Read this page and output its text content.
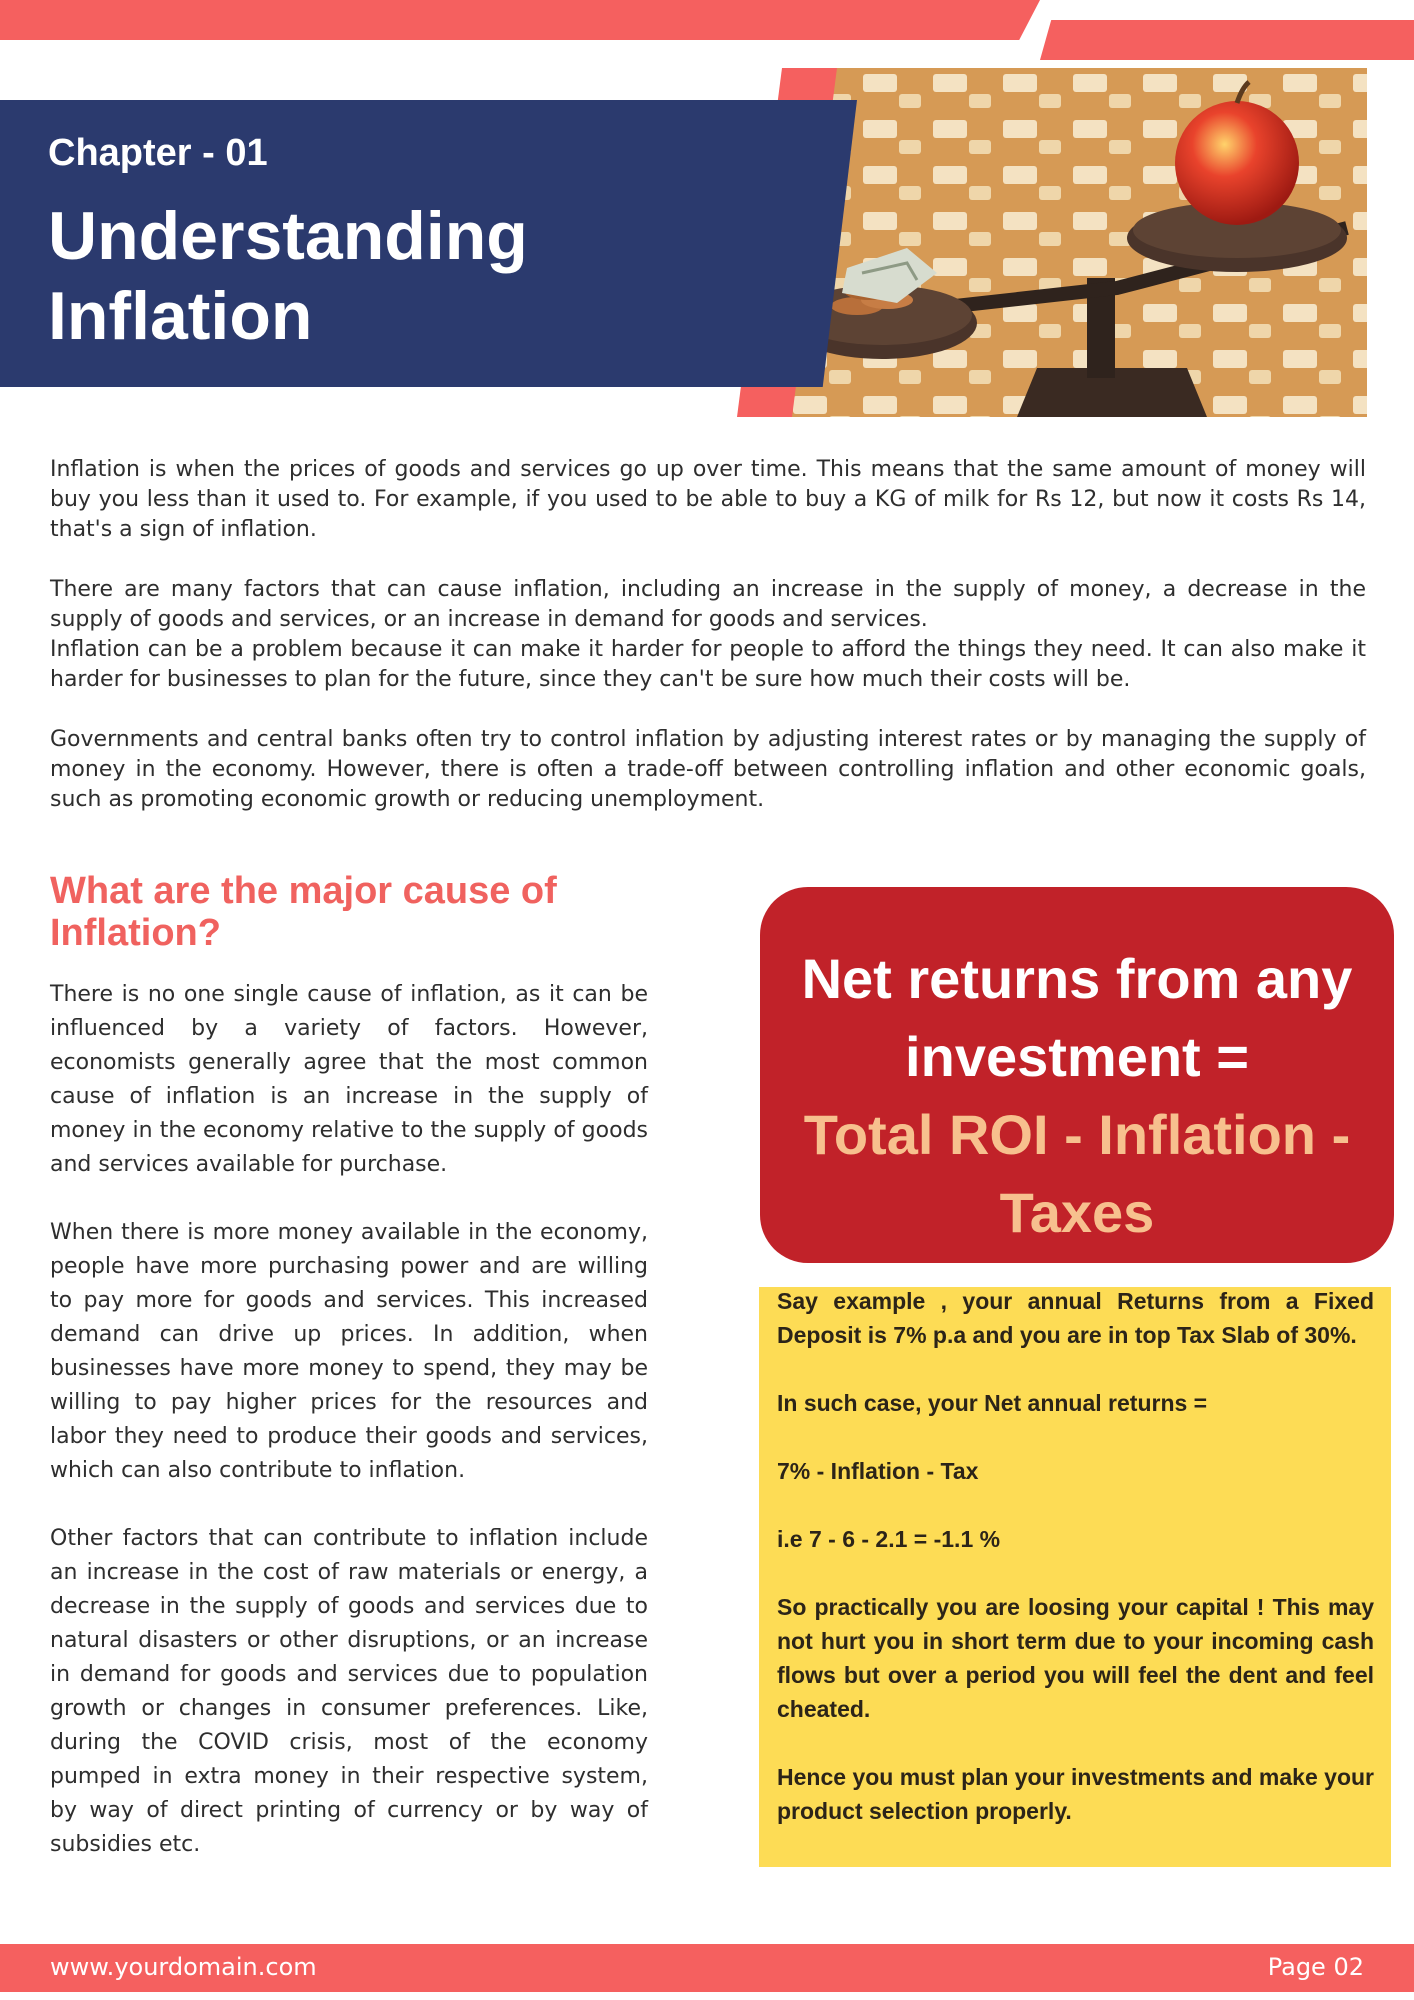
Chapter - 01
Understanding Inflation

Inflation is when the prices of goods and services go up over time. This means that the same amount of money will buy you less than it used to. For example, if you used to be able to buy a KG of milk for Rs 12, but now it costs Rs 14, that's a sign of inflation.

There are many factors that can cause inflation, including an increase in the supply of money, a decrease in the supply of goods and services, or an increase in demand for goods and services.

Inflation can be a problem because it can make it harder for people to afford the things they need. It can also make it harder for businesses to plan for the future, since they can't be sure how much their costs will be.

Governments and central banks often try to control inflation by adjusting interest rates or by managing the supply of money in the economy. However, there is often a trade-off between controlling inflation and other economic goals, such as promoting economic growth or reducing unemployment.

What are the major cause of Inflation?

There is no one single cause of inflation, as it can be influenced by a variety of factors. However, economists generally agree that the most common cause of inflation is an increase in the supply of money in the economy relative to the supply of goods and services available for purchase.

When there is more money available in the economy, people have more purchasing power and are willing to pay more for goods and services. This increased demand can drive up prices. In addition, when businesses have more money to spend, they may be willing to pay higher prices for the resources and labor they need to produce their goods and services, which can also contribute to inflation.

Other factors that can contribute to inflation include an increase in the cost of raw materials or energy, a decrease in the supply of goods and services due to natural disasters or other disruptions, or an increase in demand for goods and services due to population growth or changes in consumer preferences. Like, during the COVID crisis, most of the economy pumped in extra money in their respective system, by way of direct printing of currency or by way of subsidies etc.

Net returns from any investment =
Total ROI - Inflation - Taxes

Say example , your annual Returns from a Fixed Deposit is 7% p.a and you are in top Tax Slab of 30%.

In such case, your Net annual returns =

7% - Inflation - Tax

i.e 7 - 6 - 2.1 = -1.1 %

So practically you are loosing your capital ! This may not hurt you in short term due to your incoming cash flows but over a period you will feel the dent and feel cheated.

Hence you must plan your investments and make your product selection properly.

www.yourdomain.com	Page 02
